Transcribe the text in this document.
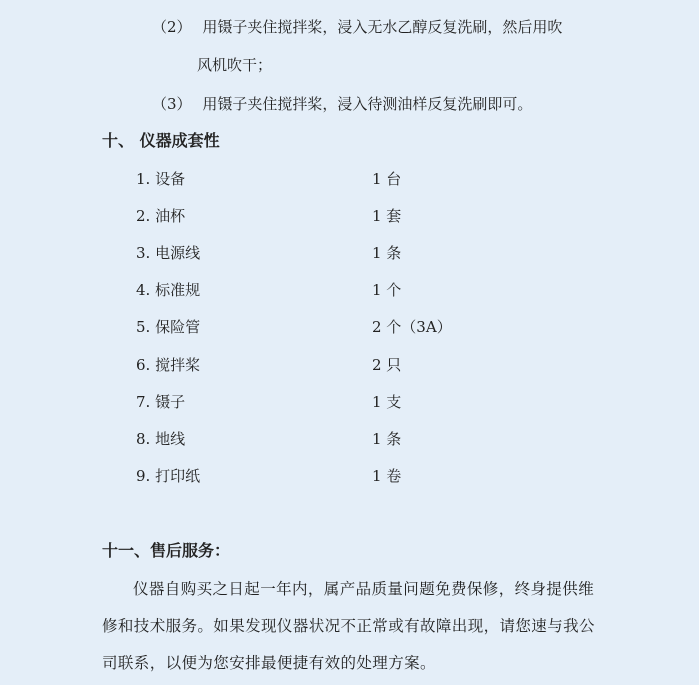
（2） 用镊子夹住搅拌桨，浸入无水乙醇反复洗刷，然后用吹
风机吹干；
（3） 用镊子夹住搅拌桨，浸入待测油样反复洗刷即可。
十、 仪器成套性
1. 设备	1 台
2. 油杯	1 套
3. 电源线	1 条
4. 标准规	1 个
5. 保险管	2 个（3A）
6. 搅拌桨	2 只
7. 镊子	1 支
8. 地线	1 条
9. 打印纸	1 卷
十一、售后服务：
仪器自购买之日起一年内，属产品质量问题免费保修，终身提供维修和技术服务。如果发现仪器状况不正常或有故障出现，请您速与我公司联系，以便为您安排最便捷有效的处理方案。
